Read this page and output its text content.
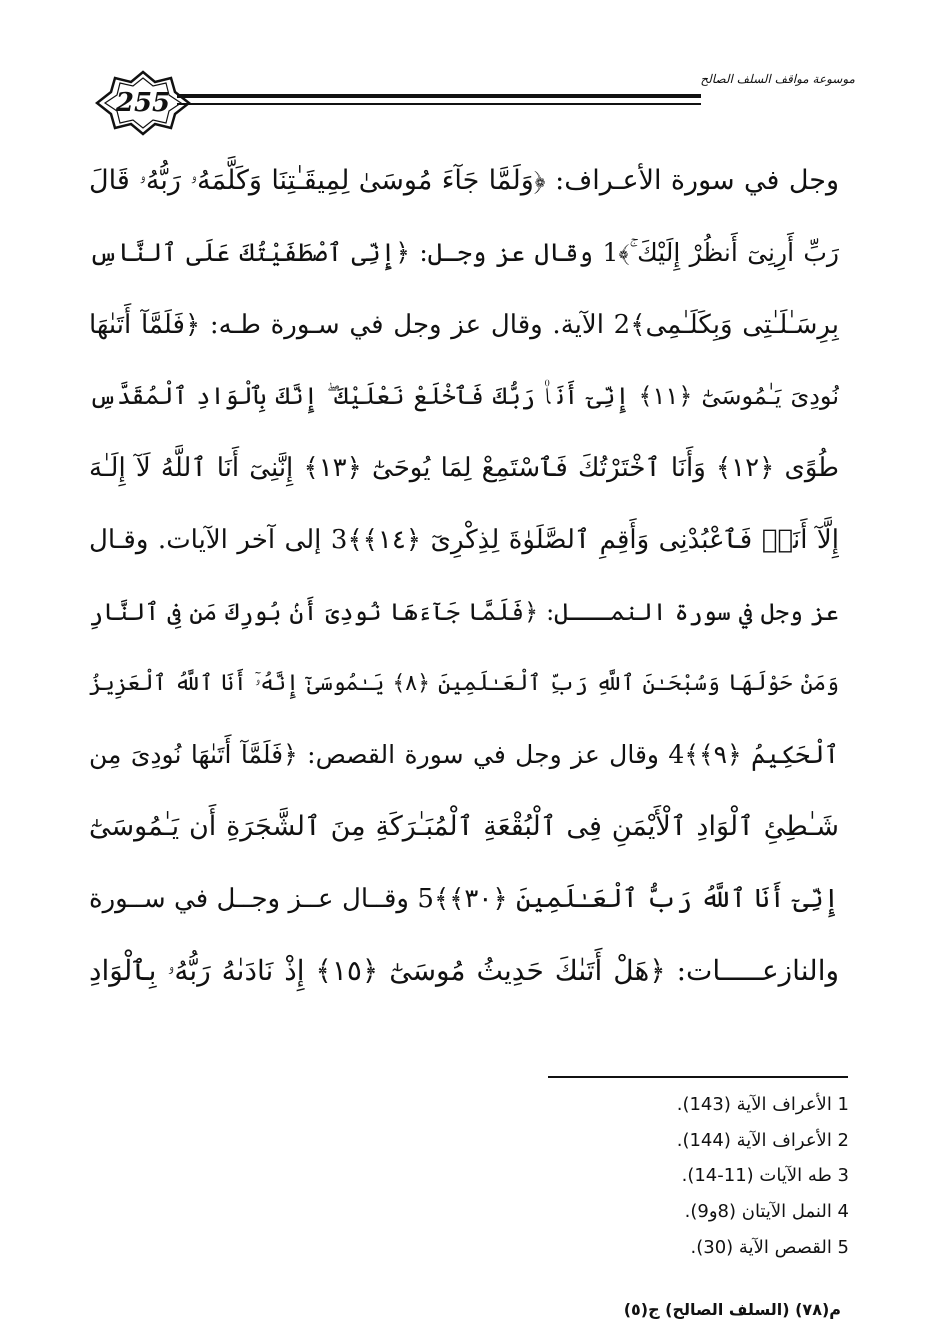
255
موسوعة مواقف السلف الصالح
وجل في سورة الأعـراف: ﴿وَلَمَّا جَآءَ مُوسَىٰ لِمِيقَـٰتِنَا وَكَلَّمَهُۥ رَبُّهُۥ قَالَ
رَبِّ أَرِنِىٓ أَنظُرْ إِلَيْكَ ۚ﴾1 وقال عز وجـل: ﴿إِنِّى ٱصْطَفَيْتُكَ عَلَى ٱلنَّاسِ
بِرِسَـٰلَـٰتِى وَبِكَلَـٰمِى﴾2 الآية. وقال عز وجل في سـورة طـه: ﴿فَلَمَّآ أَتَىٰهَا
نُودِىَ يَـٰمُوسَىٰٓ ﴿١١﴾ إِنِّىٓ أَنَا۠ رَبُّكَ فَٱخْلَعْ نَعْلَيْكَ ۖ إِنَّكَ بِٱلْوَادِ ٱلْمُقَدَّسِ
طُوًى ﴿١٢﴾ وَأَنَا ٱخْتَرْتُكَ فَٱسْتَمِعْ لِمَا يُوحَىٰٓ ﴿١٣﴾ إِنَّنِىٓ أَنَا ٱللَّهُ لَآ إِلَـٰهَ
إِلَّآ أَنَا۠ فَٱعْبُدْنِى وَأَقِمِ ٱلصَّلَوٰةَ لِذِكْرِىٓ ﴿١٤﴾﴾3 إلى آخر الآيات. وقـال
عز وجل في سورة النمـــل: ﴿فَلَمَّا جَآءَهَا نُودِىَ أَنۢ بُورِكَ مَن فِى ٱلنَّارِ
وَمَنْ حَوْلَهَا وَسُبْحَـٰنَ ٱللَّهِ رَبِّ ٱلْعَـٰلَمِينَ ﴿٨﴾ يَـٰمُوسَىٰٓ إِنَّهُۥٓ أَنَا ٱللَّهُ ٱلْعَزِيزُ
ٱلْحَكِيمُ ﴿٩﴾﴾4 وقال عز وجل في سورة القصص: ﴿فَلَمَّآ أَتَىٰهَا نُودِىَ مِن
شَـٰطِئِ ٱلْوَادِ ٱلْأَيْمَنِ فِى ٱلْبُقْعَةِ ٱلْمُبَـٰرَكَةِ مِنَ ٱلشَّجَرَةِ أَن يَـٰمُوسَىٰٓ
إِنِّىٓ أَنَا ٱللَّهُ رَبُّ ٱلْعَـٰلَمِينَ ﴿٣٠﴾﴾5 وقــال عــز وجــل في ســورة
والنازعـــــات: ﴿هَلْ أَتَىٰكَ حَدِيثُ مُوسَىٰٓ ﴿١٥﴾ إِذْ نَادَىٰهُ رَبُّهُۥ بِٱلْوَادِ
1 الأعراف الآية (143).
2 الأعراف الآية (144).
3 طه الآيات (11-14).
4 النمل الآيتان (8و9).
5 القصص الآية (30).
م(٧٨) (السلف الصالح) ج(٥)
